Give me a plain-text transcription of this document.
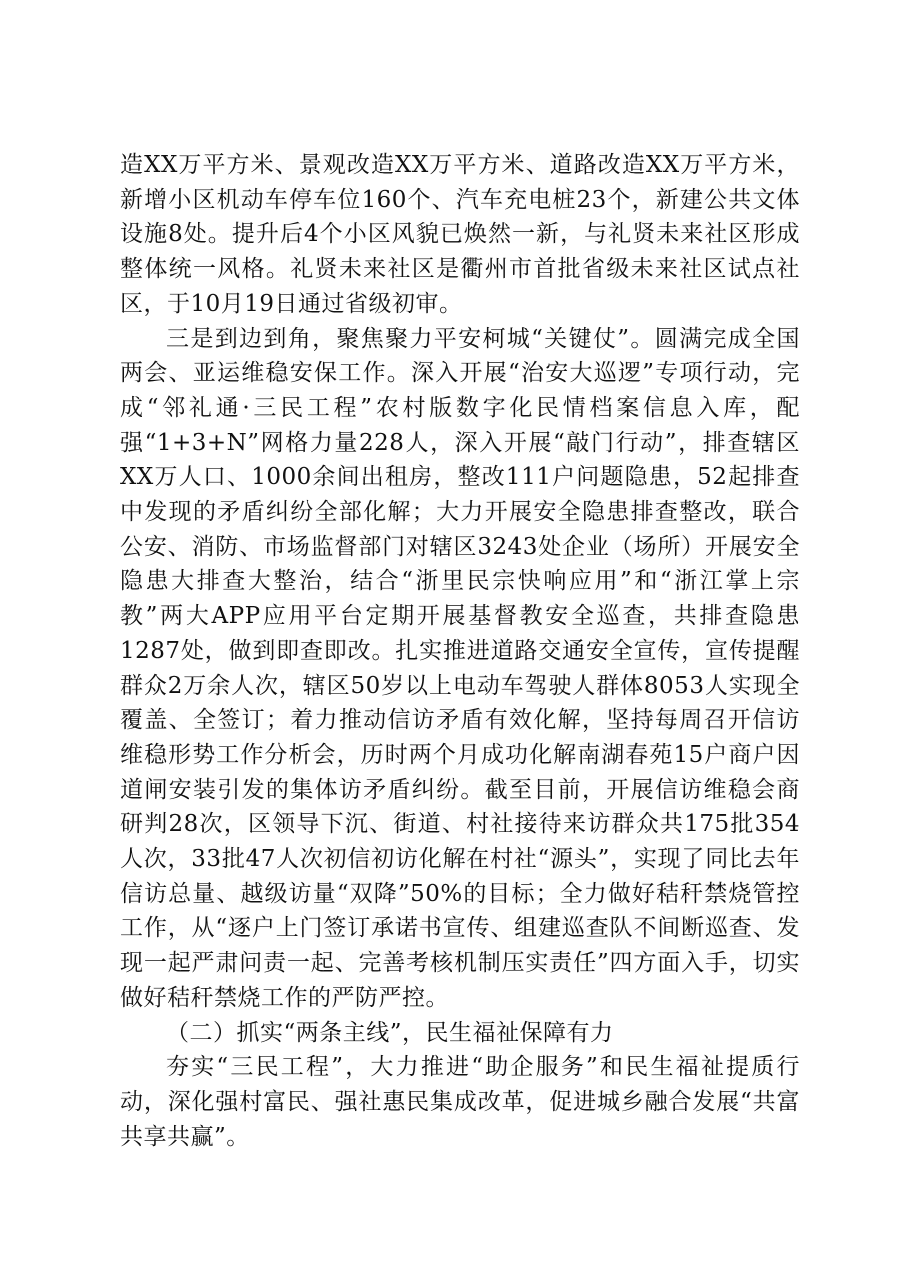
造XX万平方米、景观改造XX万平方米、道路改造XX万平方米，新增小区机动车停车位160个、汽车充电桩23个，新建公共文体设施8处。提升后4个小区风貌已焕然一新，与礼贤未来社区形成整体统一风格。礼贤未来社区是衢州市首批省级未来社区试点社区，于10月19日通过省级初审。

三是到边到角，聚焦聚力平安柯城“关键仗”。圆满完成全国两会、亚运维稳安保工作。深入开展“治安大巡逻”专项行动，完成“邻礼通·三民工程”农村版数字化民情档案信息入库，配强“1+3+N”网格力量228人，深入开展“敲门行动”，排查辖区XX万人口、1000余间出租房，整改111户问题隐患，52起排查中发现的矛盾纠纷全部化解；大力开展安全隐患排查整改，联合公安、消防、市场监督部门对辖区3243处企业（场所）开展安全隐患大排查大整治，结合“浙里民宗快响应用”和“浙江掌上宗教”两大APP应用平台定期开展基督教安全巡查，共排查隐患1287处，做到即查即改。扎实推进道路交通安全宣传，宣传提醒群众2万余人次，辖区50岁以上电动车驾驶人群体8053人实现全覆盖、全签订；着力推动信访矛盾有效化解，坚持每周召开信访维稳形势工作分析会，历时两个月成功化解南湖春苑15户商户因道闸安装引发的集体访矛盾纠纷。截至目前，开展信访维稳会商研判28次，区领导下沉、街道、村社接待来访群众共175批354人次，33批47人次初信初访化解在村社“源头”，实现了同比去年信访总量、越级访量“双降”50%的目标；全力做好秸秆禁烧管控工作，从“逐户上门签订承诺书宣传、组建巡查队不间断巡查、发现一起严肃问责一起、完善考核机制压实责任”四方面入手，切实做好秸秆禁烧工作的严防严控。

（二）抓实“两条主线”，民生福祉保障有力

夯实“三民工程”，大力推进“助企服务”和民生福祉提质行动，深化强村富民、强社惠民集成改革，促进城乡融合发展“共富共享共赢”。
